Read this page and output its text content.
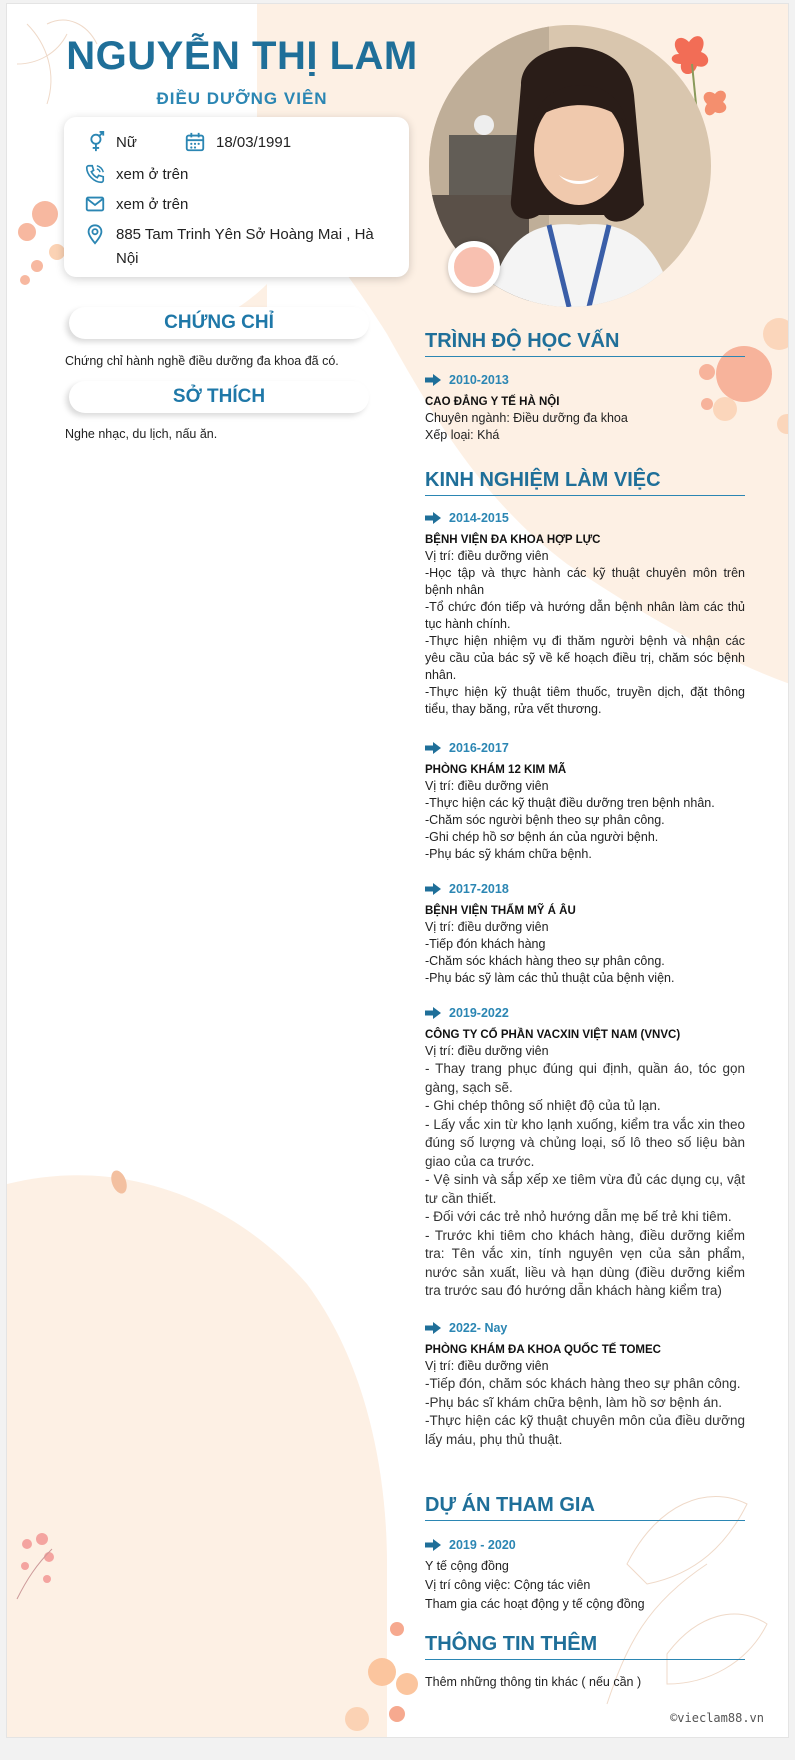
NGUYỄN THỊ LAM
ĐIỀU DƯỠNG VIÊN
Nữ	18/03/1991
xem ở trên
xem ở trên
885 Tam Trinh Yên Sở Hoàng Mai , Hà Nội
CHỨNG CHỈ
Chứng chỉ hành nghề điều dưỡng đa khoa đã có.
SỞ THÍCH
Nghe nhạc, du lịch, nấu ăn.
TRÌNH ĐỘ HỌC VẤN
2010-2013
CAO ĐẲNG Y TẾ HÀ NỘI
Chuyên ngành: Điều dưỡng đa khoa
Xếp loại: Khá
KINH NGHIỆM LÀM VIỆC
2014-2015
BỆNH VIỆN ĐA KHOA HỢP LỰC
Vị trí: điều dưỡng viên
-Học tập và thực hành các kỹ thuật chuyên môn trên bệnh nhân
-Tổ chức đón tiếp và hướng dẫn bệnh nhân làm các thủ tục hành chính.
-Thực hiện nhiệm vụ đi thăm người bệnh và nhận các yêu cầu của bác sỹ về kế hoạch điều trị, chăm sóc bệnh nhân.
-Thực hiện kỹ thuật tiêm thuốc, truyền dịch, đặt thông tiểu, thay băng, rửa vết thương.
2016-2017
PHÒNG KHÁM 12 KIM MÃ
Vị trí: điều dưỡng viên
-Thực hiện các kỹ thuật điều dưỡng tren bệnh nhân.
-Chăm sóc người bệnh theo sự phân công.
-Ghi chép hồ sơ bệnh án của người bệnh.
-Phụ bác sỹ khám chữa bệnh.
2017-2018
BỆNH VIỆN THẨM MỸ Á ÂU
Vị trí: điều dưỡng viên
-Tiếp đón khách hàng
-Chăm sóc khách hàng theo sự phân công.
-Phụ bác sỹ làm các thủ thuật của bệnh viện.
2019-2022
CÔNG TY CỔ PHẦN VACXIN VIỆT NAM (VNVC)
Vị trí: điều dưỡng viên
- Thay trang phục đúng qui định, quần áo, tóc gọn gàng, sạch sẽ.
- Ghi chép thông số nhiệt độ của tủ lạn.
- Lấy vắc xin từ kho lạnh xuống, kiểm tra vắc xin theo đúng số lượng và chủng loại, số lô theo số liệu bàn giao của ca trước.
- Vệ sinh và sắp xếp xe tiêm vừa đủ các dụng cụ, vật tư cần thiết.
- Đối với các trẻ nhỏ hướng dẫn mẹ bế trẻ khi tiêm.
- Trước khi tiêm cho khách hàng, điều dưỡng kiểm tra: Tên vắc xin, tính nguyên vẹn của sản phẩm, nước sản xuất, liều và hạn dùng (điều dưỡng kiểm tra trước sau đó hướng dẫn khách hàng kiểm tra)
2022- Nay
PHÒNG KHÁM ĐA KHOA QUỐC TẾ TOMEC
Vị trí: điều dưỡng viên
-Tiếp đón, chăm sóc khách hàng theo sự phân công.
-Phụ bác sĩ khám chữa bệnh, làm hồ sơ bệnh án.
-Thực hiện các kỹ thuật chuyên môn của điều dưỡng lấy máu, phụ thủ thuật.
DỰ ÁN THAM GIA
2019 - 2020
Y tế cộng đồng
Vị trí công việc: Cộng tác viên
Tham gia các hoạt động y tế cộng đồng
THÔNG TIN THÊM
Thêm những thông tin khác ( nếu cần )
©vieclam88.vn
